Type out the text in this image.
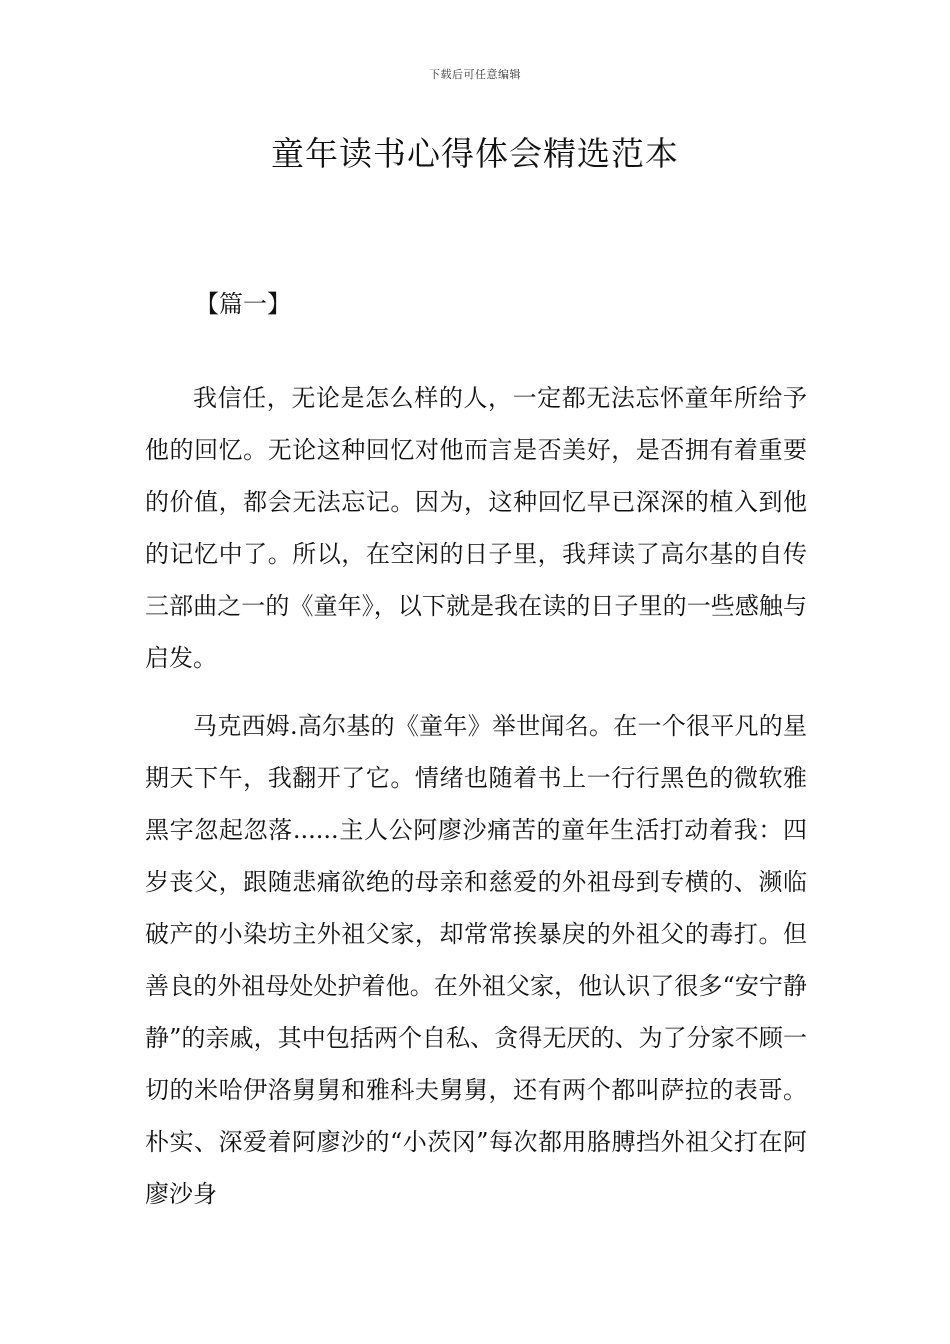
下载后可任意编辑
童年读书心得体会精选范本
【篇一】

我信任，无论是怎么样的人，一定都无法忘怀童年所给予他的回忆。无论这种回忆对他而言是否美好，是否拥有着重要的价值，都会无法忘记。因为，这种回忆早已深深的植入到他的记忆中了。所以，在空闲的日子里，我拜读了高尔基的自传三部曲之一的《童年》，以下就是我在读的日子里的一些感触与启发。

马克西姆.高尔基的《童年》举世闻名。在一个很平凡的星期天下午，我翻开了它。情绪也随着书上一行行黑色的微软雅黑字忽起忽落......主人公阿廖沙痛苦的童年生活打动着我：四岁丧父，跟随悲痛欲绝的母亲和慈爱的外祖母到专横的、濒临破产的小染坊主外祖父家，却常常挨暴戾的外祖父的毒打。但善良的外祖母处处护着他。在外祖父家，他认识了很多“安宁静静”的亲戚，其中包括两个自私、贪得无厌的、为了分家不顾一切的米哈伊洛舅舅和雅科夫舅舅，还有两个都叫萨拉的表哥。朴实、深爱着阿廖沙的“小茨冈”每次都用胳膊挡外祖父打在阿廖沙身
